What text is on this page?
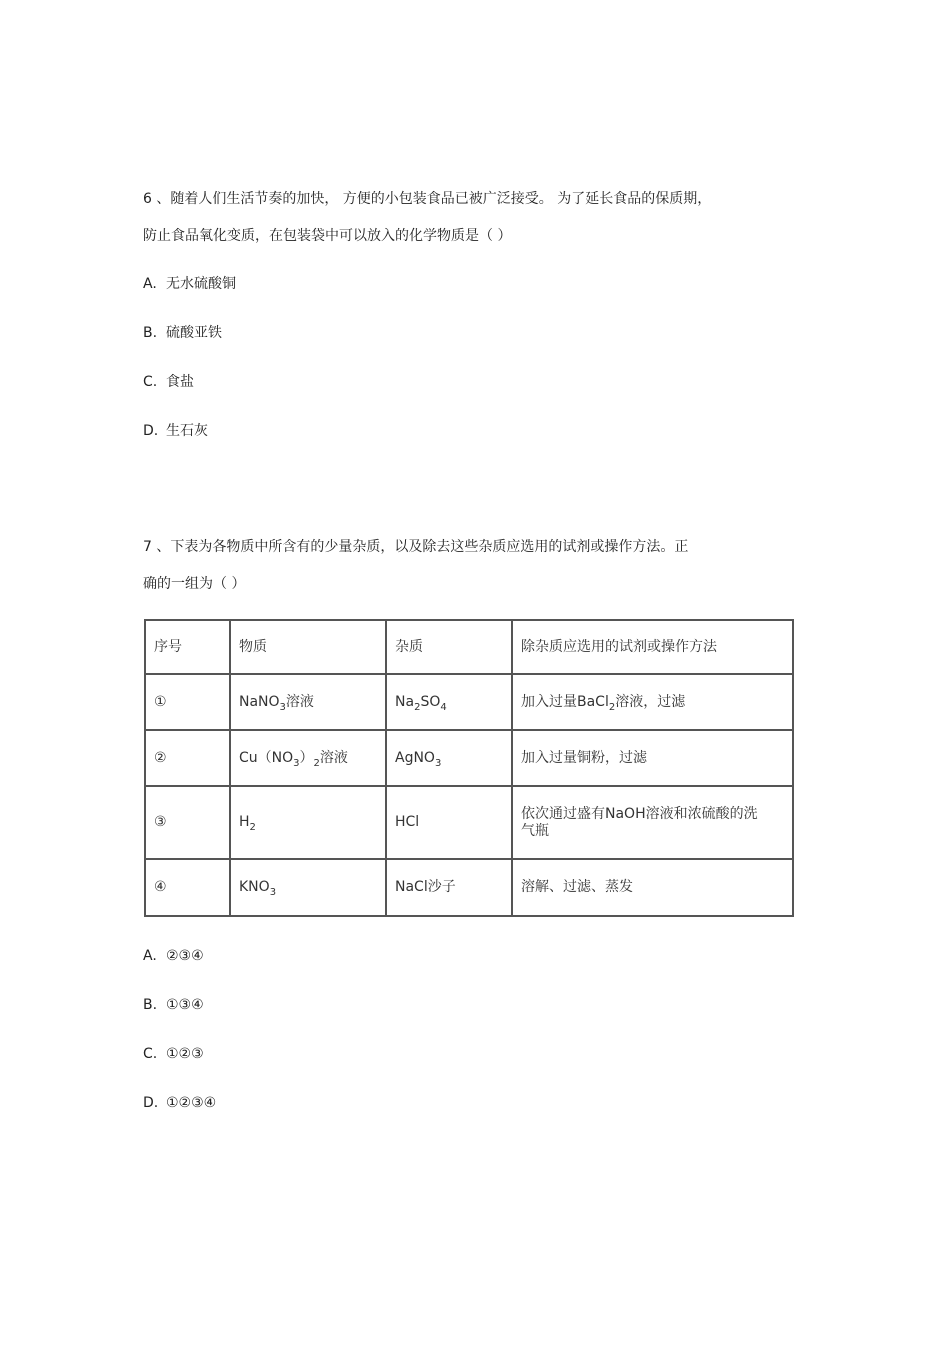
6 、随着人们生活节奏的加快， 方便的小包装食品已被广泛接受。 为了延长食品的保质期，
防止食品氧化变质，在包装袋中可以放入的化学物质是（ ）
A. 无水硫酸铜
B. 硫酸亚铁
C. 食盐
D. 生石灰
7 、下表为各物质中所含有的少量杂质，以及除去这些杂质应选用的试剂或操作方法。正
确的一组为（ ）
序号	物质	杂质	除杂质应选用的试剂或操作方法
①	NaNO$_3$溶液	$Na_2SO_4$	加入过量BaCl$_2$溶液，过滤
②	$Cu(NO_3)_2$溶液	AgNO$_3$	加入过量铜粉，过滤
③	$H_2$	HCl	依次通过盛有NaOH溶液和浓硫酸的洗
气瓶
④	$KNO_3$	NaCl沙子	溶解、过滤、蒸发
A. ②③④
B. ①③④
C. ①②③
D. ①②③④
